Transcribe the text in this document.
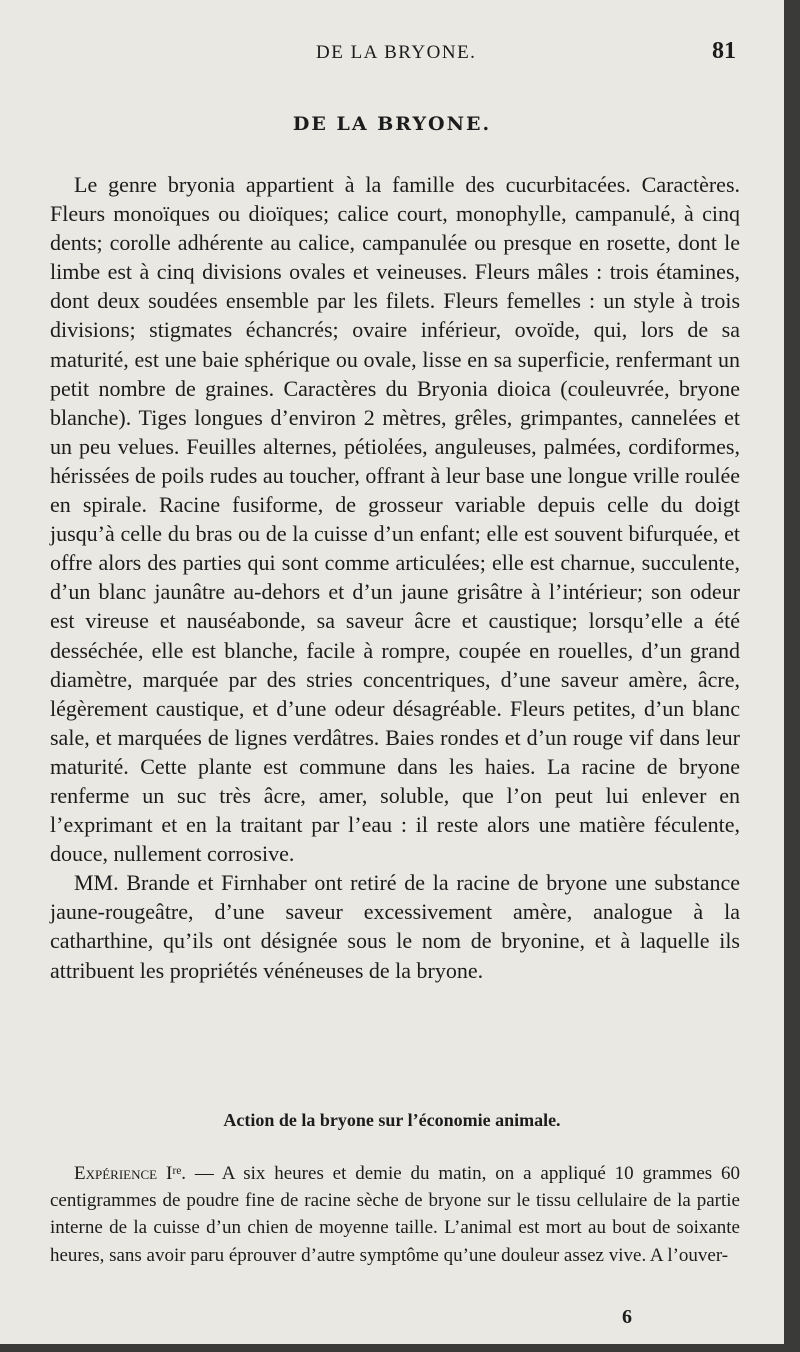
DE LA BRYONE.	81
DE LA BRYONE.

Le genre bryonia appartient à la famille des cucurbitacées. Caractères. Fleurs monoïques ou dioïques; calice court, monophylle, campanulé, à cinq dents; corolle adhérente au calice, campanulée ou presque en rosette, dont le limbe est à cinq divisions ovales et veineuses. Fleurs mâles : trois étamines, dont deux soudées ensemble par les filets. Fleurs femelles : un style à trois divisions; stigmates échancrés; ovaire inférieur, ovoïde, qui, lors de sa maturité, est une baie sphérique ou ovale, lisse en sa superficie, renfermant un petit nombre de graines. Caractères du Bryonia dioica (couleuvrée, bryone blanche). Tiges longues d’environ 2 mètres, grêles, grimpantes, cannelées et un peu velues. Feuilles alternes, pétiolées, anguleuses, palmées, cordiformes, hérissées de poils rudes au toucher, offrant à leur base une longue vrille roulée en spirale. Racine fusiforme, de grosseur variable depuis celle du doigt jusqu’à celle du bras ou de la cuisse d’un enfant; elle est souvent bifurquée, et offre alors des parties qui sont comme articulées; elle est charnue, succulente, d’un blanc jaunâtre au-dehors et d’un jaune grisâtre à l’intérieur; son odeur est vireuse et nauséabonde, sa saveur âcre et caustique; lorsqu’elle a été desséchée, elle est blanche, facile à rompre, coupée en rouelles, d’un grand diamètre, marquée par des stries concentriques, d’une saveur amère, âcre, légèrement caustique, et d’une odeur désagréable. Fleurs petites, d’un blanc sale, et marquées de lignes verdâtres. Baies rondes et d’un rouge vif dans leur maturité. Cette plante est commune dans les haies. La racine de bryone renferme un suc très âcre, amer, soluble, que l’on peut lui enlever en l’exprimant et en la traitant par l’eau : il reste alors une matière féculente, douce, nullement corrosive.

MM. Brande et Firnhaber ont retiré de la racine de bryone une substance jaune-rougeâtre, d’une saveur excessivement amère, analogue à la catharthine, qu’ils ont désignée sous le nom de bryonine, et à laquelle ils attribuent les propriétés vénéneuses de la bryone.

Action de la bryone sur l’économie animale.

Expérience Iʳᵉ. — A six heures et demie du matin, on a appliqué 10 grammes 60 centigrammes de poudre fine de racine sèche de bryone sur le tissu cellulaire de la partie interne de la cuisse d’un chien de moyenne taille. L’animal est mort au bout de soixante heures, sans avoir paru éprouver d’autre symptôme qu’une douleur assez vive. A l’ouver-

6
